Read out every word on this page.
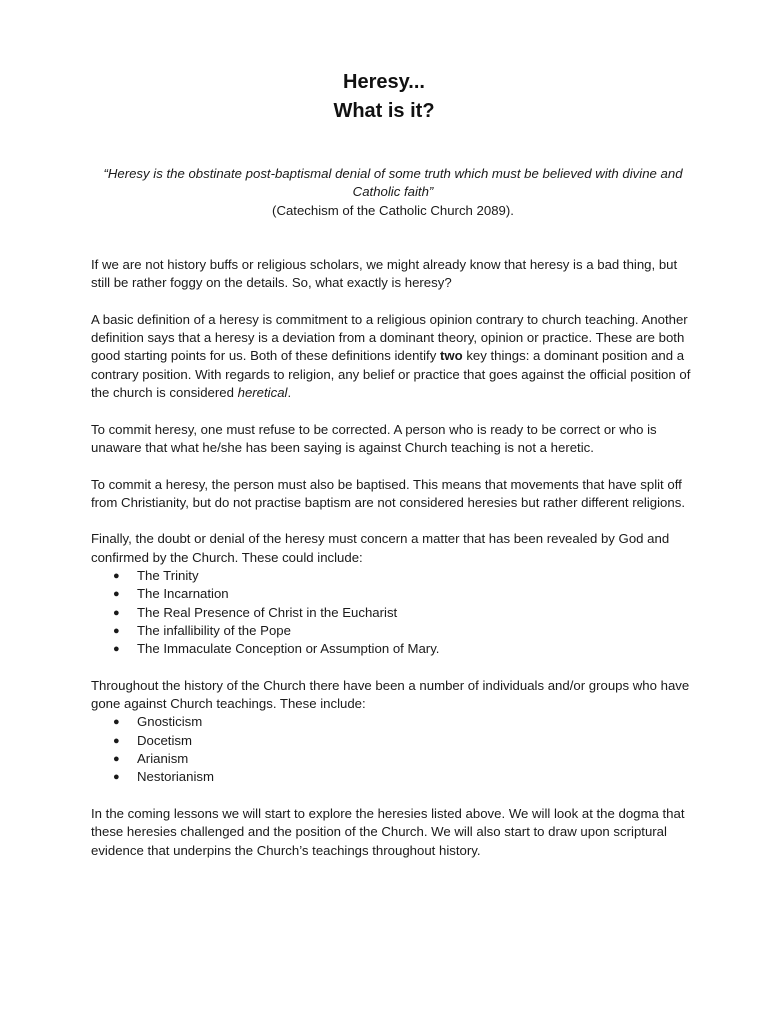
Heresy...
What is it?
“Heresy is the obstinate post-baptismal denial of some truth which must be believed with divine and Catholic faith”
(Catechism of the Catholic Church 2089).

If we are not history buffs or religious scholars, we might already know that heresy is a bad thing, but still be rather foggy on the details. So, what exactly is heresy?

A basic definition of a heresy is commitment to a religious opinion contrary to church teaching. Another definition says that a heresy is a deviation from a dominant theory, opinion or practice. These are both good starting points for us. Both of these definitions identify two key things: a dominant position and a contrary position. With regards to religion, any belief or practice that goes against the official position of the church is considered heretical.

To commit heresy, one must refuse to be corrected. A person who is ready to be correct or who is unaware that what he/she has been saying is against Church teaching is not a heretic.

To commit a heresy, the person must also be baptised. This means that movements that have split off from Christianity, but do not practise baptism are not considered heresies but rather different religions.

Finally, the doubt or denial of the heresy must concern a matter that has been revealed by God and confirmed by the Church. These could include:
● The Trinity
● The Incarnation
● The Real Presence of Christ in the Eucharist
● The infallibility of the Pope
● The Immaculate Conception or Assumption of Mary.
Throughout the history of the Church there have been a number of individuals and/or groups who have gone against Church teachings. These include:
● Gnosticism
● Docetism
● Arianism
● Nestorianism

In the coming lessons we will start to explore the heresies listed above. We will look at the dogma that these heresies challenged and the position of the Church. We will also start to draw upon scriptural evidence that underpins the Church’s teachings throughout history.
